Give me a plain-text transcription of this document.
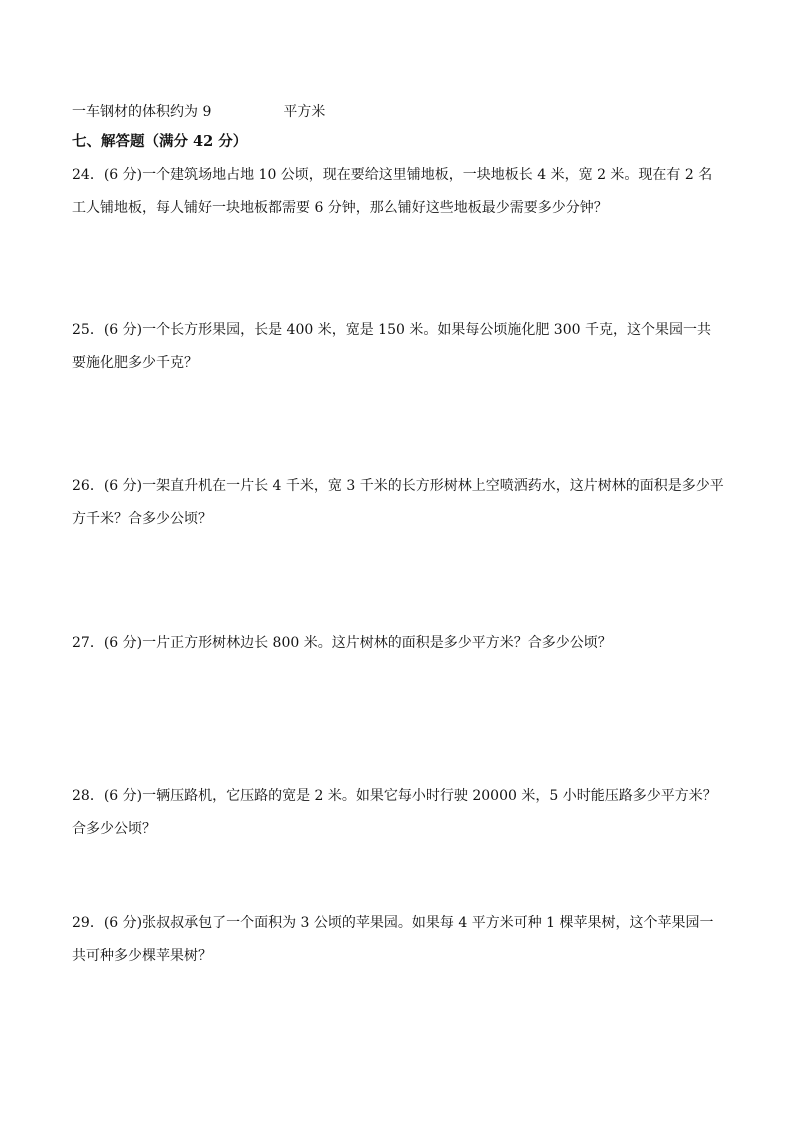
一车钢材的体积约为 9	平方米
七、解答题（满分 42 分）
24．(6 分)一个建筑场地占地 10 公顷，现在要给这里铺地板，一块地板长 4 米，宽 2 米。现在有 2 名工人铺地板，每人铺好一块地板都需要 6 分钟，那么铺好这些地板最少需要多少分钟？
25．(6 分)一个长方形果园，长是 400 米，宽是 150 米。如果每公顷施化肥 300 千克，这个果园一共要施化肥多少千克？
26．(6 分)一架直升机在一片长 4 千米，宽 3 千米的长方形树林上空喷洒药水，这片树林的面积是多少平方千米？合多少公顷？
27．(6 分)一片正方形树林边长 800 米。这片树林的面积是多少平方米？合多少公顷？
28．(6 分)一辆压路机，它压路的宽是 2 米。如果它每小时行驶 20000 米，5 小时能压路多少平方米？合多少公顷？
29．(6 分)张叔叔承包了一个面积为 3 公顷的苹果园。如果每 4 平方米可种 1 棵苹果树，这个苹果园一共可种多少棵苹果树？
